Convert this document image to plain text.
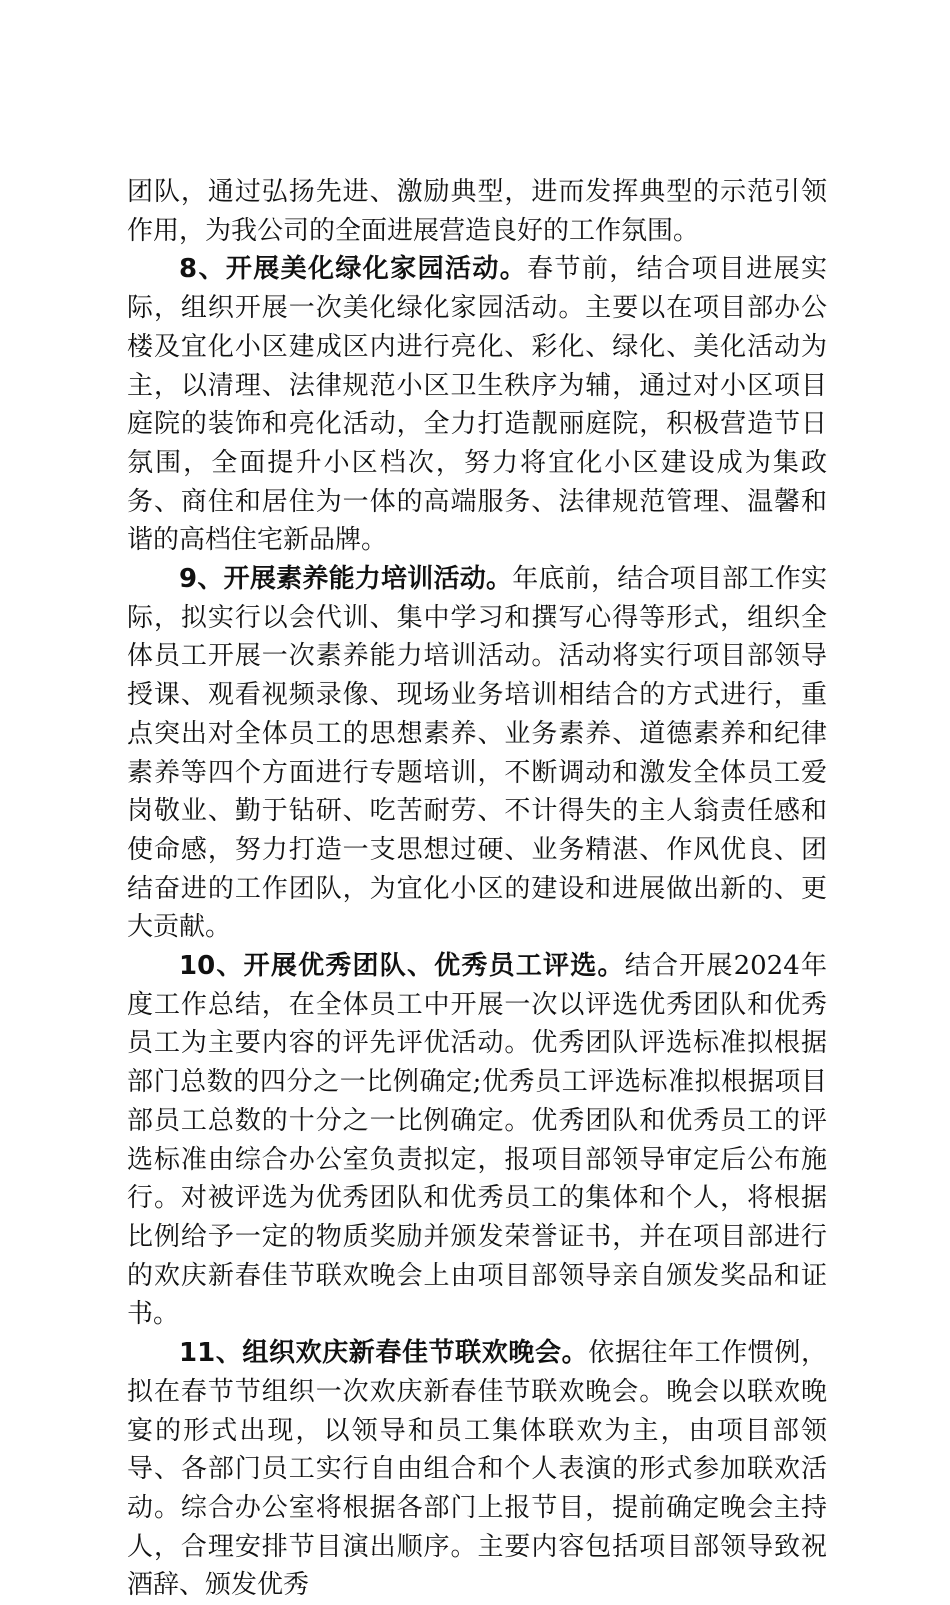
团队，通过弘扬先进、激励典型，进而发挥典型的示范引领作用，为我公司的全面进展营造良好的工作氛围。

8、开展美化绿化家园活动。春节前，结合项目进展实际，组织开展一次美化绿化家园活动。主要以在项目部办公楼及宜化小区建成区内进行亮化、彩化、绿化、美化活动为主，以清理、法律规范小区卫生秩序为辅，通过对小区项目庭院的装饰和亮化活动，全力打造靓丽庭院，积极营造节日氛围，全面提升小区档次，努力将宜化小区建设成为集政务、商住和居住为一体的高端服务、法律规范管理、温馨和谐的高档住宅新品牌。

9、开展素养能力培训活动。年底前，结合项目部工作实际，拟实行以会代训、集中学习和撰写心得等形式，组织全体员工开展一次素养能力培训活动。活动将实行项目部领导授课、观看视频录像、现场业务培训相结合的方式进行，重点突出对全体员工的思想素养、业务素养、道德素养和纪律素养等四个方面进行专题培训，不断调动和激发全体员工爱岗敬业、勤于钻研、吃苦耐劳、不计得失的主人翁责任感和使命感，努力打造一支思想过硬、业务精湛、作风优良、团结奋进的工作团队，为宜化小区的建设和进展做出新的、更大贡献。

10、开展优秀团队、优秀员工评选。结合开展2024年度工作总结，在全体员工中开展一次以评选优秀团队和优秀员工为主要内容的评先评优活动。优秀团队评选标准拟根据部门总数的四分之一比例确定;优秀员工评选标准拟根据项目部员工总数的十分之一比例确定。优秀团队和优秀员工的评选标准由综合办公室负责拟定，报项目部领导审定后公布施行。对被评选为优秀团队和优秀员工的集体和个人，将根据比例给予一定的物质奖励并颁发荣誉证书，并在项目部进行的欢庆新春佳节联欢晚会上由项目部领导亲自颁发奖品和证书。

11、组织欢庆新春佳节联欢晚会。依据往年工作惯例，拟在春节节组织一次欢庆新春佳节联欢晚会。晚会以联欢晚宴的形式出现，以领导和员工集体联欢为主，由项目部领导、各部门员工实行自由组合和个人表演的形式参加联欢活动。综合办公室将根据各部门上报节目，提前确定晚会主持人，合理安排节目演出顺序。主要内容包括项目部领导致祝酒辞、颁发优秀
